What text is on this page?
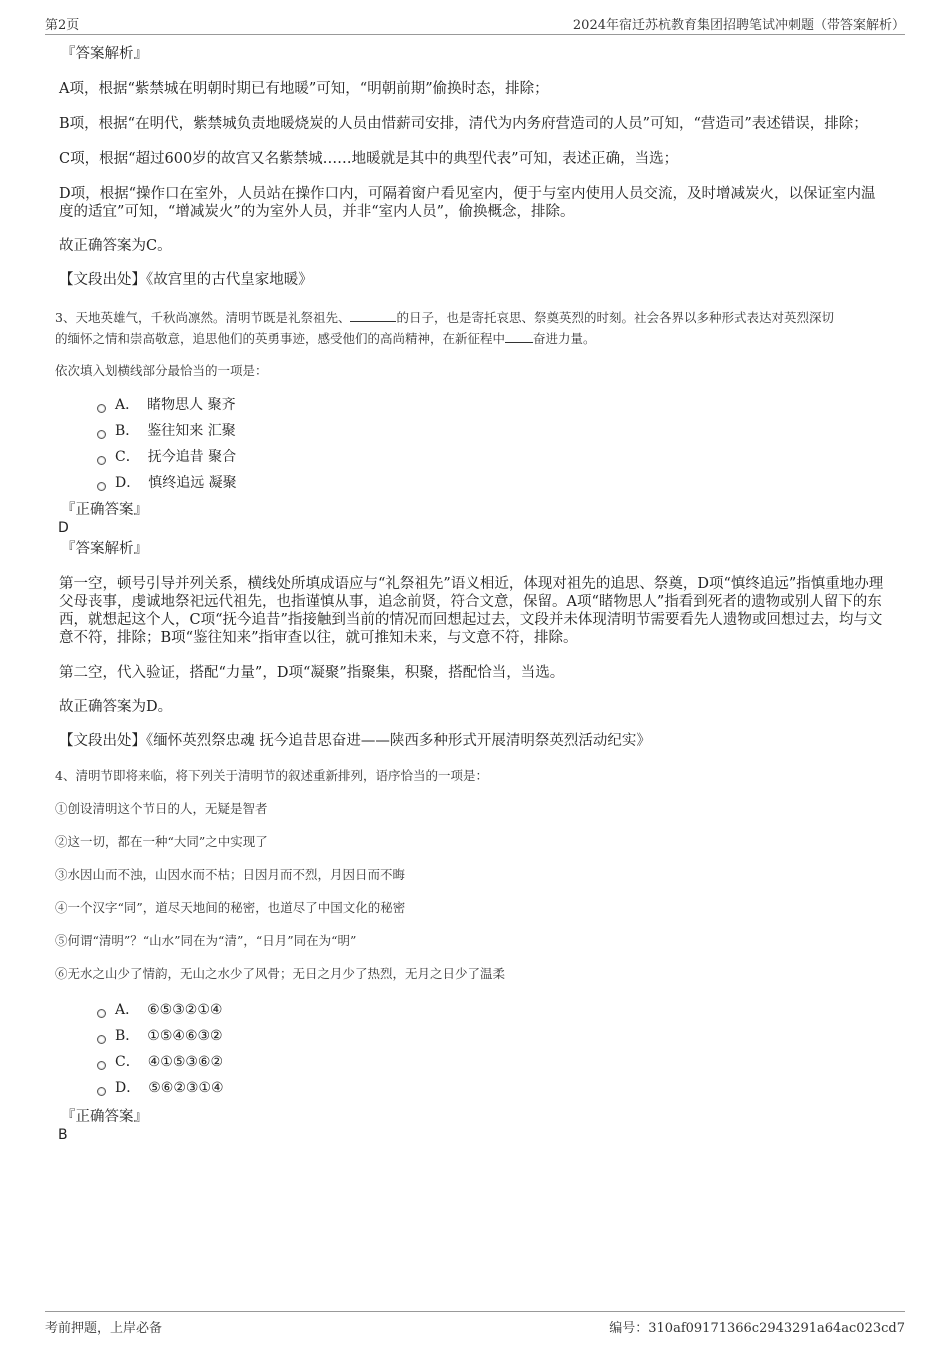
第2页	2024年宿迁苏杭教育集团招聘笔试冲刺题（带答案解析）

『答案解析』

A项，根据“紫禁城在明朝时期已有地暖”可知，“明朝前期”偷换时态，排除；

B项，根据“在明代，紫禁城负责地暖烧炭的人员由惜薪司安排，清代为内务府营造司的人员”可知，“营造司”表述错误，排除；

C项，根据“超过600岁的故宫又名紫禁城……地暖就是其中的典型代表”可知，表述正确，当选；

D项，根据“操作口在室外，人员站在操作口内，可隔着窗户看见室内，便于与室内使用人员交流，及时增减炭火，以保证室内温度的适宜”可知，“增减炭火”的为室外人员，并非“室内人员”，偷换概念，排除。

故正确答案为C。

【文段出处】《故宫里的古代皇家地暖》

3、天地英雄气，千秋尚凛然。清明节既是礼祭祖先、	的日子，也是寄托哀思、祭奠英烈的时刻。社会各界以多种形式表达对英烈深切
的缅怀之情和崇高敬意，追思他们的英勇事迹，感受他们的高尚精神，在新征程中 奋进力量。

依次填入划横线部分最恰当的一项是：

A． 睹物思人 聚齐
B． 鉴往知来 汇聚
C． 抚今追昔 聚合
D． 慎终追远 凝聚

『正确答案』

D

『答案解析』

第一空，顿号引导并列关系，横线处所填成语应与“礼祭祖先”语义相近，体现对祖先的追思、祭奠，D项“慎终追远”指慎重地办理父母丧事，虔诚地祭祀远代祖先，也指谨慎从事，追念前贤，符合文意，保留。A项“睹物思人”指看到死者的遗物或别人留下的东西，就想起这个人，C项“抚今追昔”指接触到当前的情况而回想起过去，文段并未体现清明节需要看先人遗物或回想过去，均与文意不符，排除；B项“鉴往知来”指审查以往，就可推知未来，与文意不符，排除。

第二空，代入验证，搭配“力量”，D项“凝聚”指聚集，积聚，搭配恰当，当选。

故正确答案为D。

【文段出处】《缅怀英烈祭忠魂 抚今追昔思奋进——陕西多种形式开展清明祭英烈活动纪实》

4、清明节即将来临，将下列关于清明节的叙述重新排列，语序恰当的一项是：

①创设清明这个节日的人，无疑是智者

②这一切，都在一种“大同”之中实现了

③水因山而不浊，山因水而不枯；日因月而不烈，月因日而不晦

④一个汉字“同”，道尽天地间的秘密，也道尽了中国文化的秘密

⑤何谓“清明”？“山水”同在为“清”，“日月”同在为“明”

⑥无水之山少了情韵，无山之水少了风骨；无日之月少了热烈，无月之日少了温柔

A． ⑥⑤③②①④
B． ①⑤④⑥③②
C． ④①⑤③⑥②
D． ⑤⑥②③①④

『正确答案』

B

考前押题，上岸必备	编号：310af09171366c2943291a64ac023cd7
